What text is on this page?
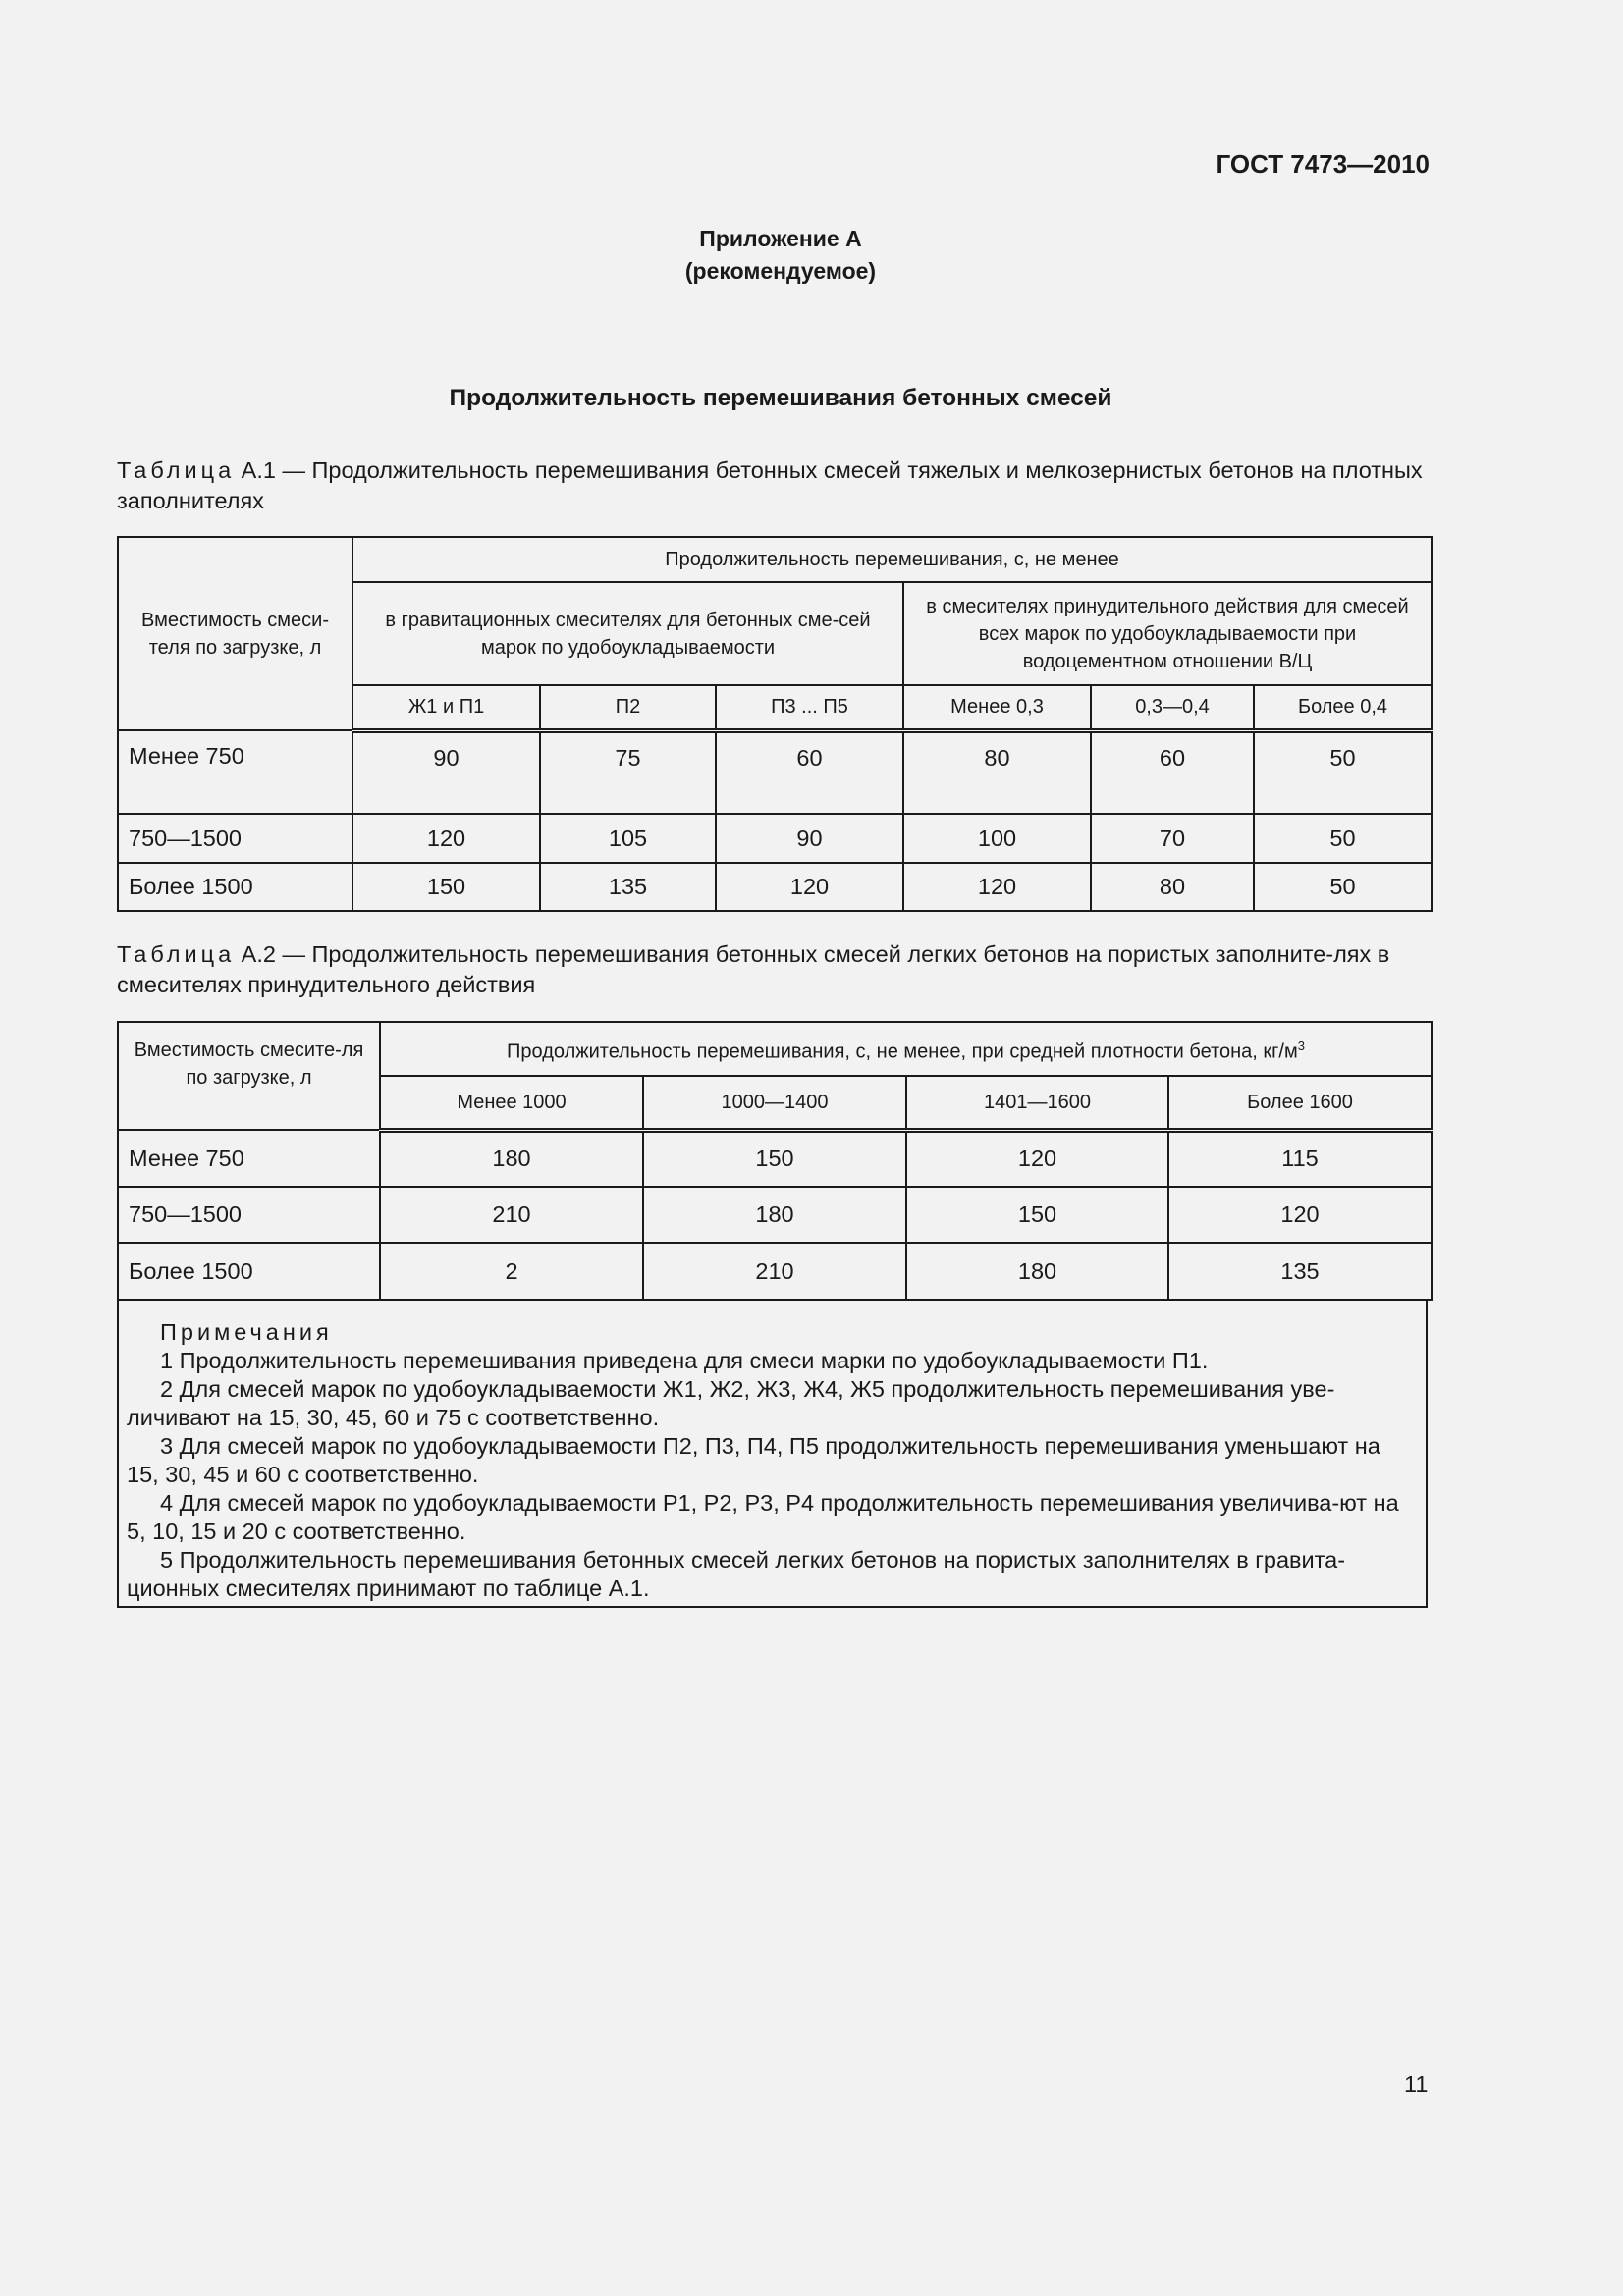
ГОСТ 7473—2010
Приложение А
(рекомендуемое)
Продолжительность перемешивания бетонных смесей
Таблица А.1 — Продолжительность перемешивания бетонных смесей тяжелых и мелкозернистых бетонов на плотных заполнителях
Вместимость смеси-теля по загрузке, л	Продолжительность перемешивания, с, не менее					
	в гравитационных смесителях для бетонных сме-сей марок по удобоукладываемости			в смесителях принудительного действия для смесей всех марок по удобоукладываемости при водоцементном отношении В/Ц		
	Ж1 и П1	П2	П3 ... П5	Менее 0,3	0,3—0,4	Более 0,4
Менее 750	90	75	60	80	60	50
750—1500	120	105	90	100	70	50
Более 1500	150	135	120	120	80	50
Таблица А.2 — Продолжительность перемешивания бетонных смесей легких бетонов на пористых заполните-лях в смесителях принудительного действия
Вместимость смесите-ля по загрузке, л	Продолжительность перемешивания, с, не менее, при средней плотности бетона, $кг/м^3$
	Менее 1000	1000—1400	1401—1600	Более 1600
Менее 750	180	150	120	115
750—1500	210	180	150	120
Более 1500	2	210	180	135
Примечания
1 Продолжительность перемешивания приведена для смеси марки по удобоукладываемости П1.
2 Для смесей марок по удобоукладываемости Ж1, Ж2, Ж3, Ж4, Ж5 продолжительность перемешивания уве-личивают на 15, 30, 45, 60 и 75 с соответственно.
3 Для смесей марок по удобоукладываемости П2, П3, П4, П5 продолжительность перемешивания уменьшают на 15, 30, 45 и 60 с соответственно.
4 Для смесей марок по удобоукладываемости Р1, Р2, Р3, Р4 продолжительность перемешивания увеличива-ют на 5, 10, 15 и 20 с соответственно.
5 Продолжительность перемешивания бетонных смесей легких бетонов на пористых заполнителях в гравита-ционных смесителях принимают по таблице А.1.
11
